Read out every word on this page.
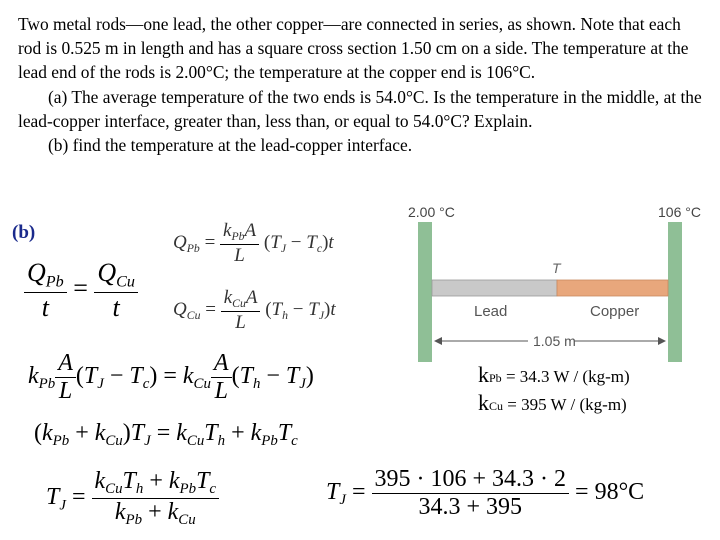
Two metal rods—one lead, the other copper—are connected in series, as shown. Note that each rod is 0.525 m in length and has a square cross section 1.50 cm on a side. The temperature at the lead end of the rods is 2.00°C; the temperature at the copper end is 106°C.

(a) The average temperature of the two ends is 54.0°C. Is the temperature in the middle, at the lead-copper interface, greater than, less than, or equal to 54.0°C? Explain.

(b) find the temperature at the lead-copper interface.

(b)
2.00 °C	106 °C
T
Lead	Copper
1.05 m
$Q_{Pb} = \frac{k_{Pb}A}{L} (T_J - T_c)t$
$Q_{Cu} = \frac{k_{Cu}A}{L} (T_h - T_J)t$
$\frac{Q_{Pb}}{t} = \frac{Q_{Cu}}{t}$
$k_{Pb} \frac{A}{L} (T_J - T_c) = k_{Cu} \frac{A}{L} (T_h - T_J)$
$(k_{Pb} + k_{Cu})T_J = k_{Cu}T_h + k_{Pb}T_c$
$T_J = \frac{k_{Cu}T_h + k_{Pb}T_c}{k_{Pb} + k_{Cu}}$	$T_J = \frac{395 \cdot 106 + 34.3 \cdot 2}{34.3 + 395} = 98^\circ C$
kPb = 34.3 W / (kg-m)
kCu = 395 W / (kg-m)
